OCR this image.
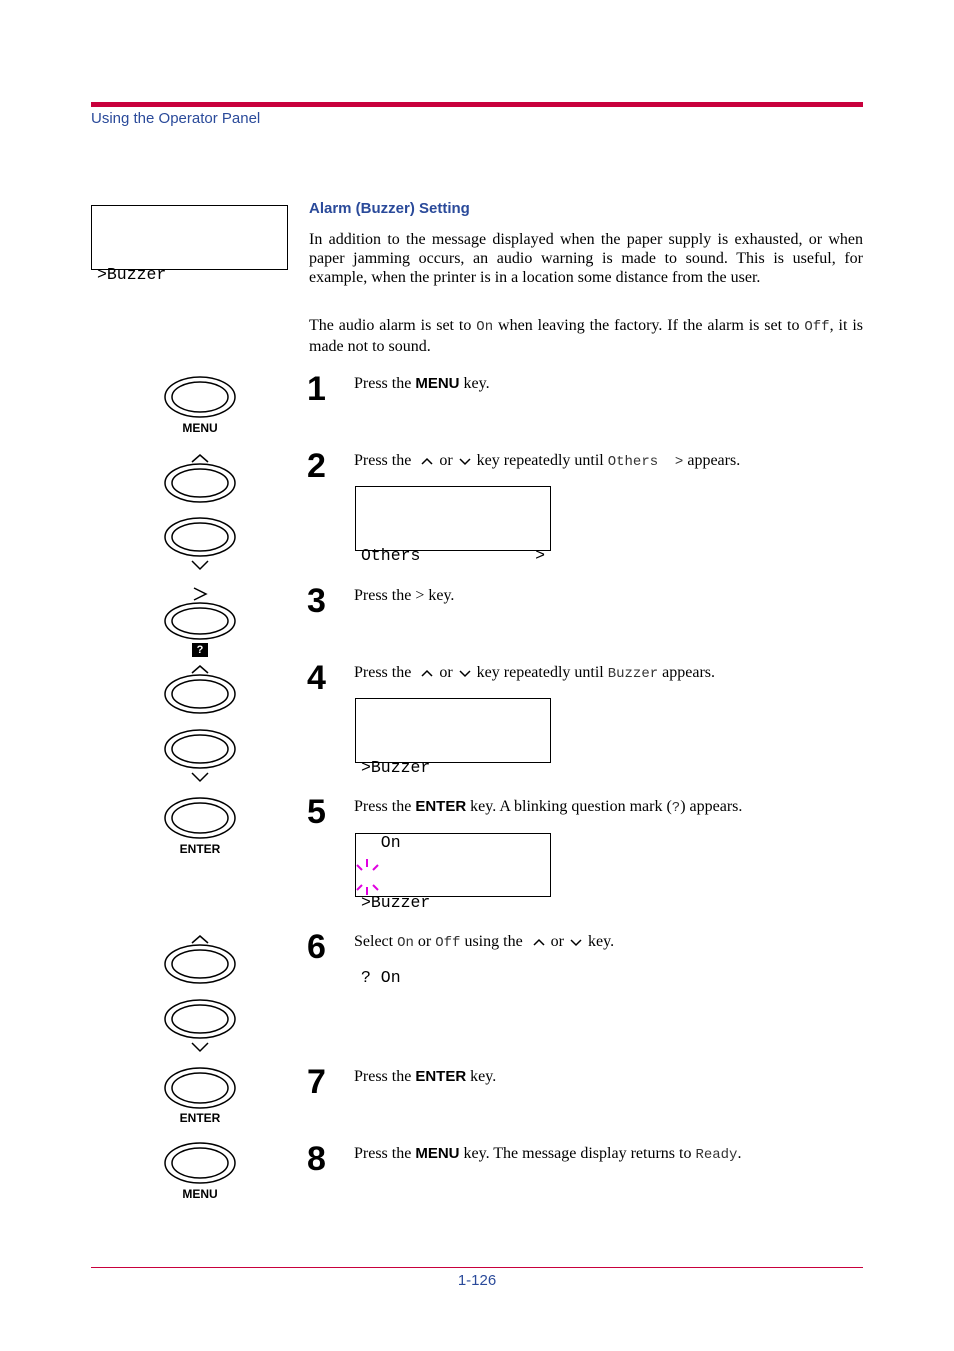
Using the Operator Panel
1-126

>Buzzer

Alarm (Buzzer) Setting
In addition to the message displayed when the paper supply is exhausted, or when paper jamming occurs, an audio warning is made to sound. This is useful, for example, when the printer is in a location some distance from the user.
The audio alarm is set to On when leaving the factory. If the alarm is set to Off, it is made not to sound.
MENU
?
ENTER
ENTER
MENU
1 Press the MENU key.
2 Press the or key repeatedly until Others  > appears.

Others	>

3 Press the > key.
4 Press the or key repeatedly until Buzzer appears.

>Buzzer

On

5 Press the ENTER key. A blinking question mark (?) appears.

>Buzzer

? On

6 Select On or Off using the or key.
7 Press the ENTER key.
8 Press the MENU key. The message display returns to Ready.
